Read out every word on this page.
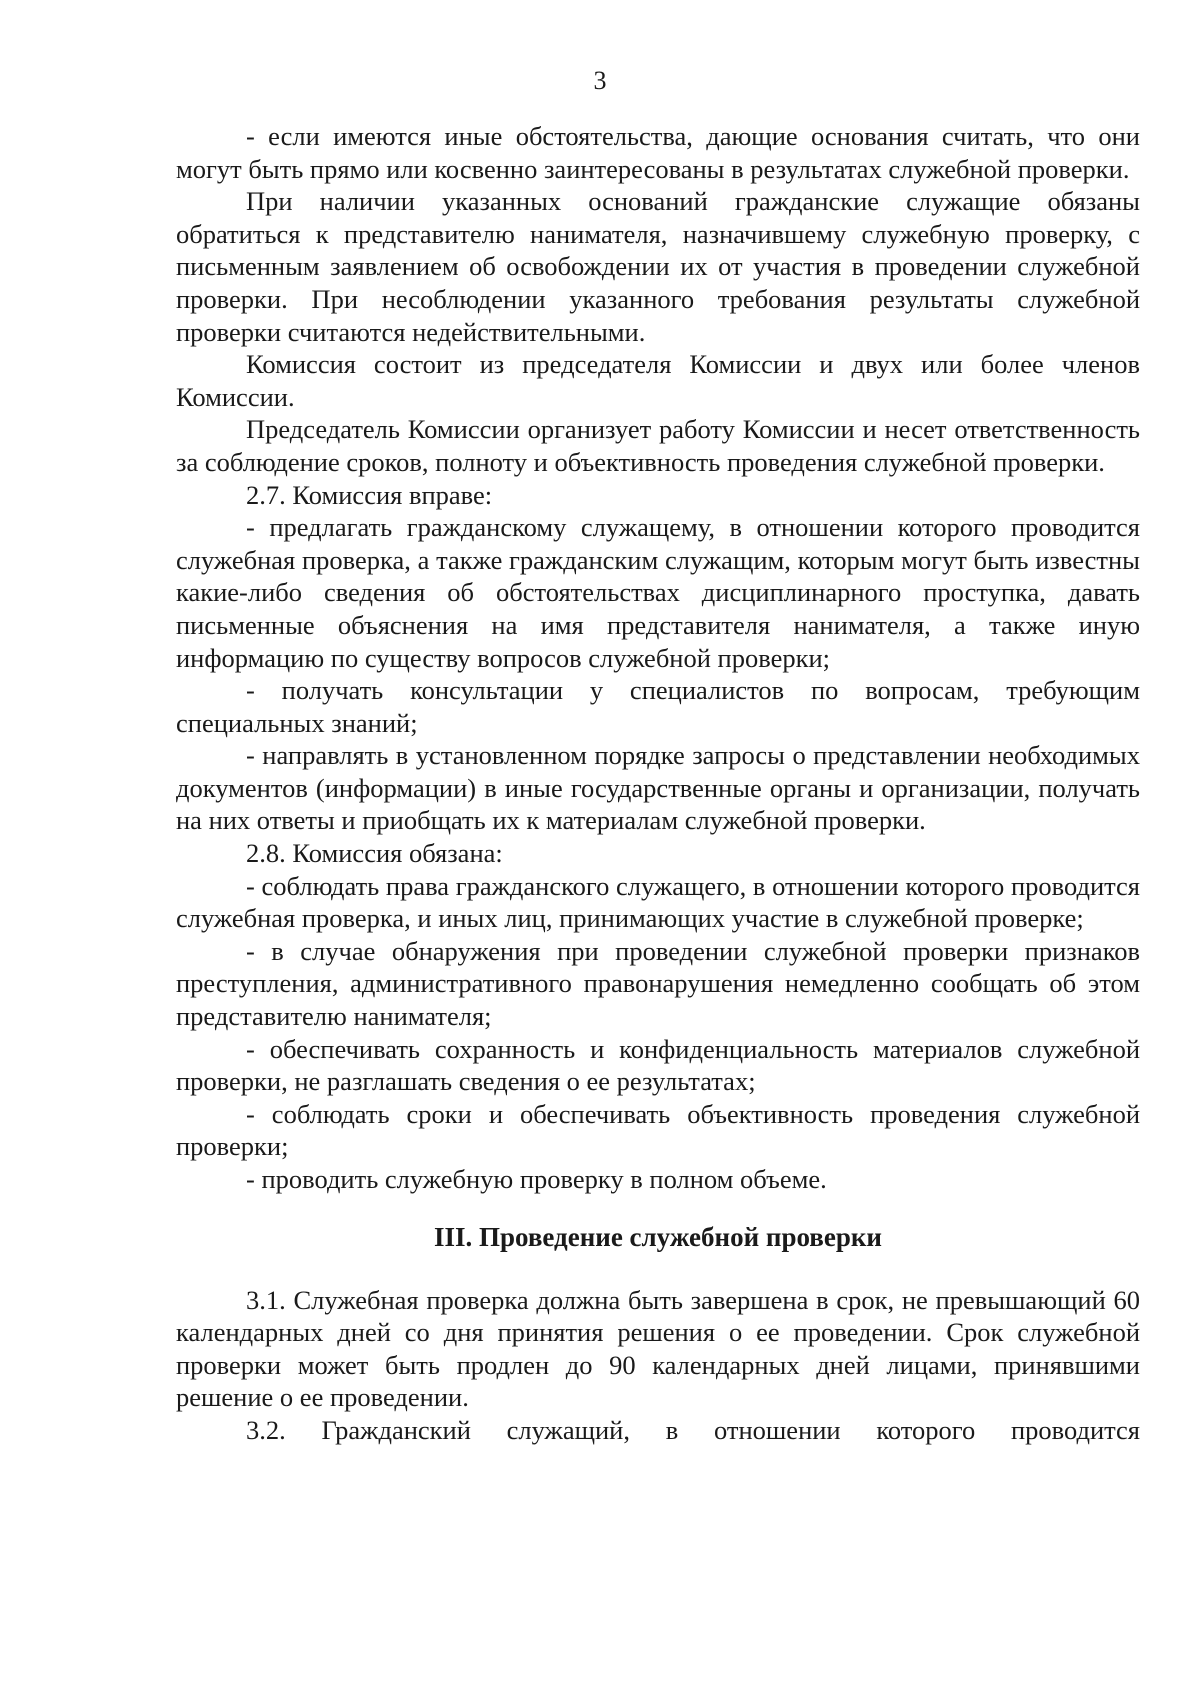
3

- если имеются иные обстоятельства, дающие основания считать, что они могут быть прямо или косвенно заинтересованы в результатах служебной проверки.

При наличии указанных оснований гражданские служащие обязаны обратиться к представителю нанимателя, назначившему служебную проверку, с письменным заявлением об освобождении их от участия в проведении служебной проверки. При несоблюдении указанного требования результаты служебной проверки считаются недействительными.

Комиссия состоит из председателя Комиссии и двух или более членов Комиссии.

Председатель Комиссии организует работу Комиссии и несет ответственность за соблюдение сроков, полноту и объективность проведения служебной проверки.

2.7. Комиссия вправе:

- предлагать гражданскому служащему, в отношении которого проводится служебная проверка, а также гражданским служащим, которым могут быть известны какие-либо сведения об обстоятельствах дисциплинарного проступка, давать письменные объяснения на имя представителя нанимателя, а также иную информацию по существу вопросов служебной проверки;

- получать консультации у специалистов по вопросам, требующим специальных знаний;

- направлять в установленном порядке запросы о представлении необходимых документов (информации) в иные государственные органы и организации, получать на них ответы и приобщать их к материалам служебной проверки.

2.8. Комиссия обязана:

- соблюдать права гражданского служащего, в отношении которого проводится служебная проверка, и иных лиц, принимающих участие в служебной проверке;

- в случае обнаружения при проведении служебной проверки признаков преступления, административного правонарушения немедленно сообщать об этом представителю нанимателя;

- обеспечивать сохранность и конфиденциальность материалов служебной проверки, не разглашать сведения о ее результатах;

- соблюдать сроки и обеспечивать объективность проведения служебной проверки;

- проводить служебную проверку в полном объеме.

III. Проведение служебной проверки

3.1. Служебная проверка должна быть завершена в срок, не превышающий 60 календарных дней со дня принятия решения о ее проведении. Срок служебной проверки может быть продлен до 90 календарных дней лицами, принявшими решение о ее проведении.

3.2. Гражданский служащий, в отношении которого проводится
